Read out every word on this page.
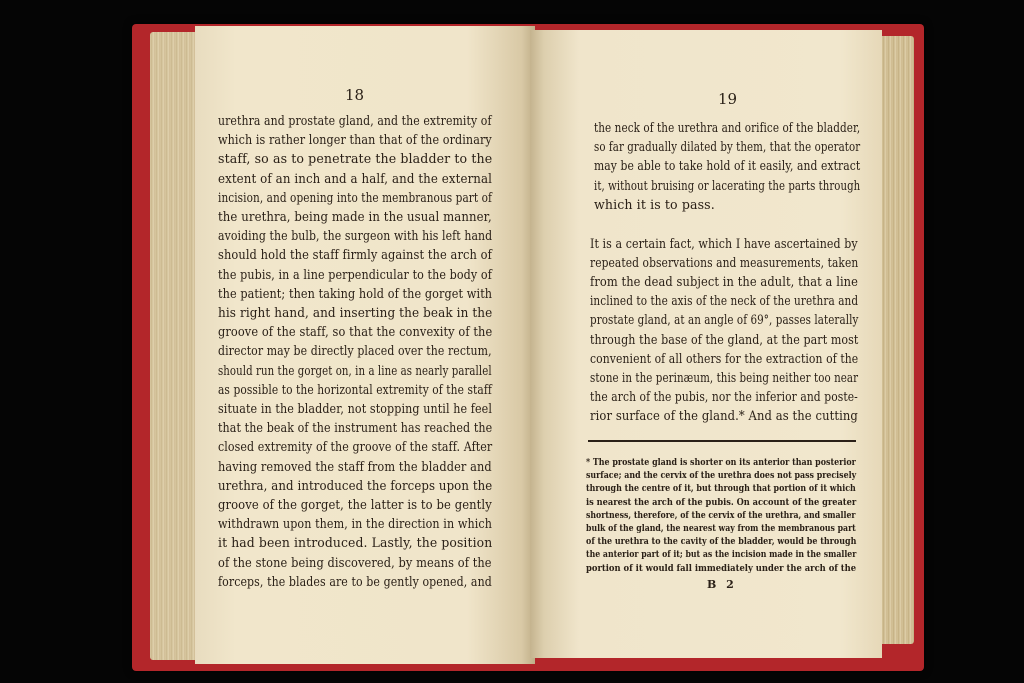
18	19
urethra and prostate gland, and the extremity of
which is rather longer than that of the ordinary
staff, so as to penetrate the bladder to the
extent of an inch and a half, and the external
incision, and opening into the membranous part of
the urethra, being made in the usual manner,
avoiding the bulb, the surgeon with his left hand
should hold the staff firmly against the arch of
the pubis, in a line perpendicular to the body of
the patient; then taking hold of the gorget with
his right hand, and inserting the beak in the
groove of the staff, so that the convexity of the
director may be directly placed over the rectum,
should run the gorget on, in a line as nearly parallel
as possible to the horizontal extremity of the staff
situate in the bladder, not stopping until he feel
that the beak of the instrument has reached the
closed extremity of the groove of the staff. After
having removed the staff from the bladder and
urethra, and introduced the forceps upon the
groove of the gorget, the latter is to be gently
withdrawn upon them, in the direction in which
it had been introduced. Lastly, the position
of the stone being discovered, by means of the
forceps, the blades are to be gently opened, and
the neck of the urethra and orifice of the bladder,
so far gradually dilated by them, that the operator
may be able to take hold of it easily, and extract
it, without bruising or lacerating the parts through
which it is to pass.
It is a certain fact, which I have ascertained by
repeated observations and measurements, taken
from the dead subject in the adult, that a line
inclined to the axis of the neck of the urethra and
prostate gland, at an angle of 69°, passes laterally
through the base of the gland, at the part most
convenient of all others for the extraction of the
stone in the perinæum, this being neither too near
the arch of the pubis, nor the inferior and poste-
rior surface of the gland.* And as the cutting
* The prostate gland is shorter on its anterior than posterior
surface; and the cervix of the urethra does not pass precisely
through the centre of it, but through that portion of it which
is nearest the arch of the pubis. On account of the greater
shortness, therefore, of the cervix of the urethra, and smaller
bulk of the gland, the nearest way from the membranous part
of the urethra to the cavity of the bladder, would be through
the anterior part of it; but as the incision made in the smaller
portion of it would fall immediately under the arch of the
B 2
